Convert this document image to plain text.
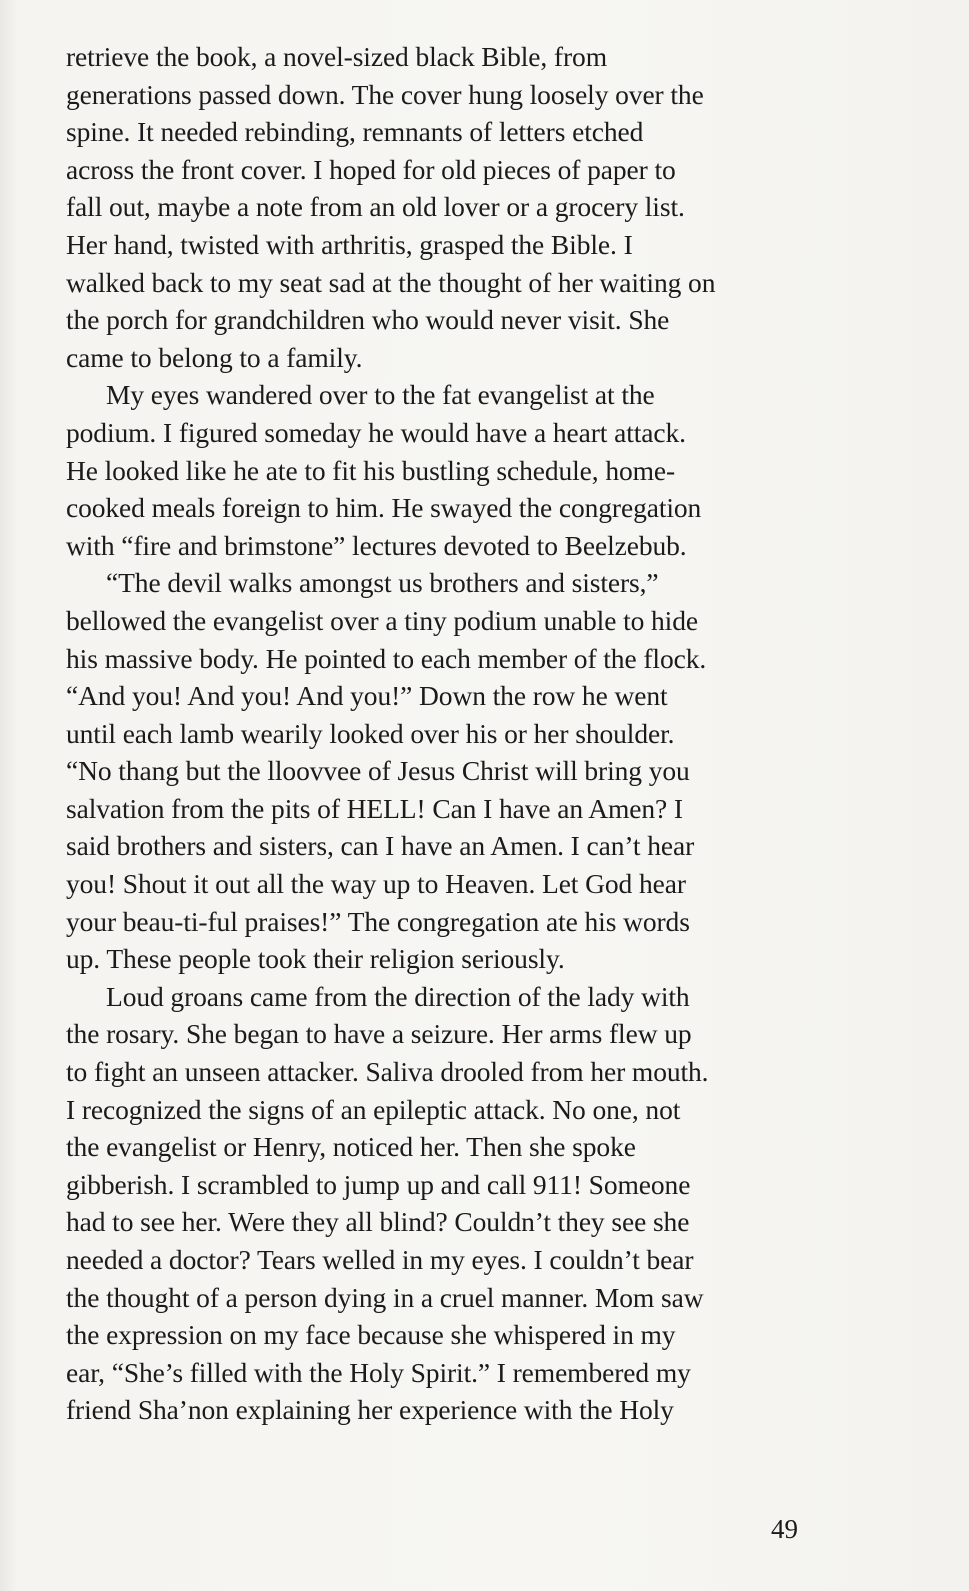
retrieve the book, a novel-sized black Bible, from
generations passed down. The cover hung loosely over the
spine. It needed rebinding, remnants of letters etched
across the front cover. I hoped for old pieces of paper to
fall out, maybe a note from an old lover or a grocery list.
Her hand, twisted with arthritis, grasped the Bible. I
walked back to my seat sad at the thought of her waiting on
the porch for grandchildren who would never visit. She
came to belong to a family.
My eyes wandered over to the fat evangelist at the
podium. I figured someday he would have a heart attack.
He looked like he ate to fit his bustling schedule, home-
cooked meals foreign to him. He swayed the congregation
with “fire and brimstone” lectures devoted to Beelzebub.
“The devil walks amongst us brothers and sisters,”
bellowed the evangelist over a tiny podium unable to hide
his massive body. He pointed to each member of the flock.
“And you! And you! And you!” Down the row he went
until each lamb wearily looked over his or her shoulder.
“No thang but the lloovvee of Jesus Christ will bring you
salvation from the pits of HELL! Can I have an Amen? I
said brothers and sisters, can I have an Amen. I can’t hear
you! Shout it out all the way up to Heaven. Let God hear
your beau-ti-ful praises!” The congregation ate his words
up. These people took their religion seriously.
Loud groans came from the direction of the lady with
the rosary. She began to have a seizure. Her arms flew up
to fight an unseen attacker. Saliva drooled from her mouth.
I recognized the signs of an epileptic attack. No one, not
the evangelist or Henry, noticed her. Then she spoke
gibberish. I scrambled to jump up and call 911! Someone
had to see her. Were they all blind? Couldn’t they see she
needed a doctor? Tears welled in my eyes. I couldn’t bear
the thought of a person dying in a cruel manner. Mom saw
the expression on my face because she whispered in my
ear, “She’s filled with the Holy Spirit.” I remembered my
friend Sha’non explaining her experience with the Holy
49
